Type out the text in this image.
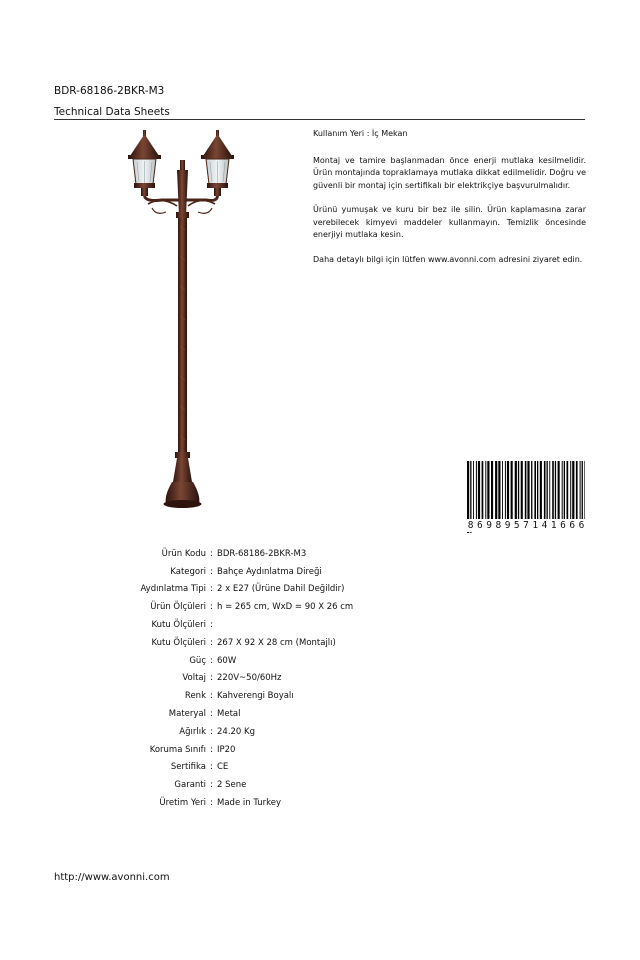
BDR-68186-2BKR-M3
Technical Data Sheets

Kullanım Yeri : İç Mekan

Montaj ve tamire başlanmadan önce enerji mutlaka kesilmelidir. Ürün montajında topraklamaya mutlaka dikkat edilmelidir. Doğru ve güvenli bir montaj için sertifikalı bir elektrikçiye başvurulmalıdır.

Ürünü yumuşak ve kuru bir bez ile silin. Ürün kaplamasına zarar verebilecek kimyevi maddeler kullanmayın. Temizlik öncesinde enerjiyi mutlaka kesin.

Daha detaylı bilgi için lütfen www.avonni.com adresini ziyaret edin.

8 6 9 8 9 5 7 1 4 1 6 6 6
Ürün Kodu : BDR-68186-2BKR-M3
Kategori : Bahçe Aydınlatma Direği
Aydınlatma Tipi : 2 x E27 (Ürüne Dahil Değildir)
Ürün Ölçüleri : h = 265 cm, WxD = 90 X 26 cm
Kutu Ölçüleri :
Kutu Ölçüleri : 267 X 92 X 28 cm (Montajlı)
Güç : 60W
Voltaj : 220V~50/60Hz
Renk : Kahverengi Boyalı
Materyal : Metal
Ağırlık : 24.20 Kg
Koruma Sınıfı : IP20
Sertifika : CE
Garanti : 2 Sene
Üretim Yeri : Made in Turkey
http://www.avonni.com
